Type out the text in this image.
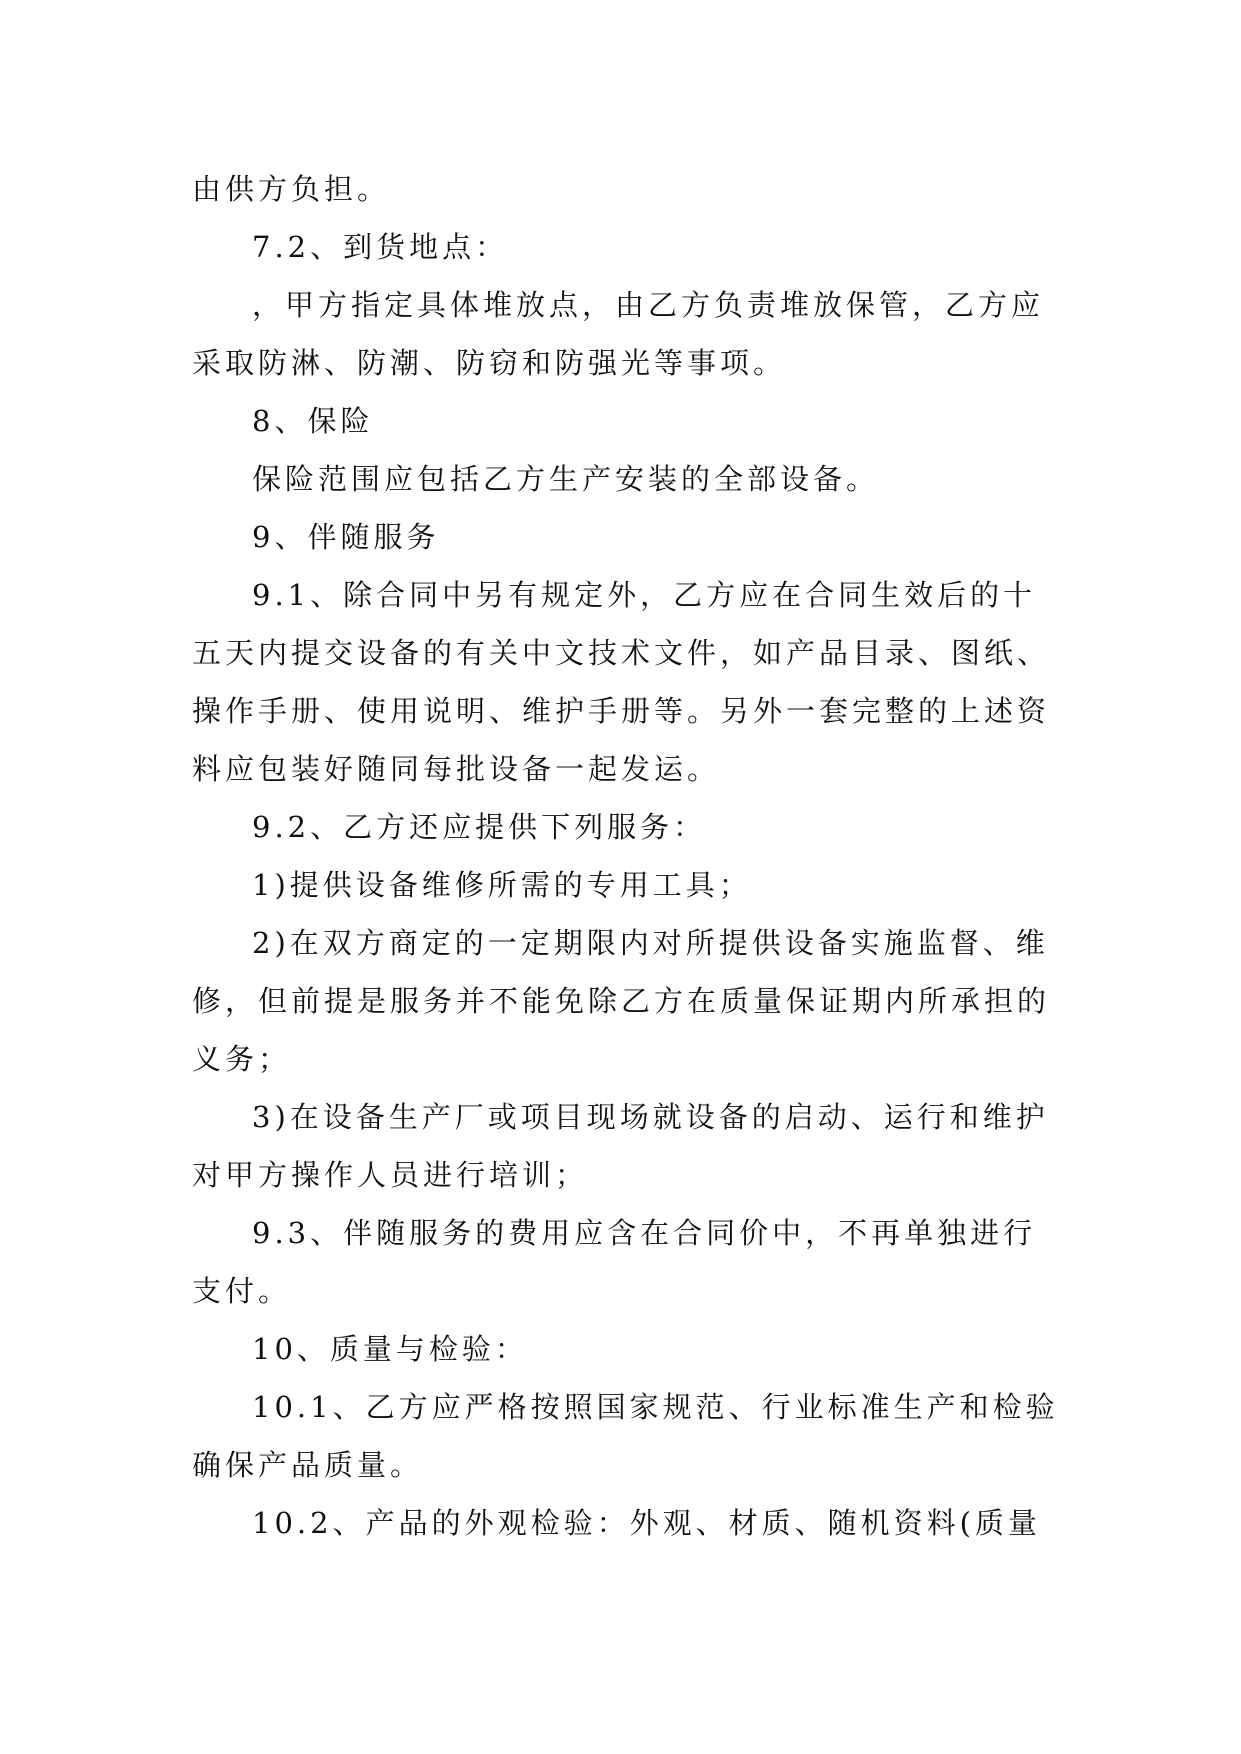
由供方负担。
7.2、到货地点：
，甲方指定具体堆放点，由乙方负责堆放保管，乙方应
采取防淋、防潮、防窃和防强光等事项。
8、保险
保险范围应包括乙方生产安装的全部设备。
9、伴随服务
9.1、除合同中另有规定外，乙方应在合同生效后的十
五天内提交设备的有关中文技术文件，如产品目录、图纸、
操作手册、使用说明、维护手册等。另外一套完整的上述资
料应包装好随同每批设备一起发运。
9.2、乙方还应提供下列服务：
1)提供设备维修所需的专用工具；
2)在双方商定的一定期限内对所提供设备实施监督、维
修，但前提是服务并不能免除乙方在质量保证期内所承担的
义务；
3)在设备生产厂或项目现场就设备的启动、运行和维护
对甲方操作人员进行培训；
9.3、伴随服务的费用应含在合同价中，不再单独进行
支付。
10、质量与检验：
10.1、乙方应严格按照国家规范、行业标准生产和检验
确保产品质量。
10.2、产品的外观检验：外观、材质、随机资料(质量
